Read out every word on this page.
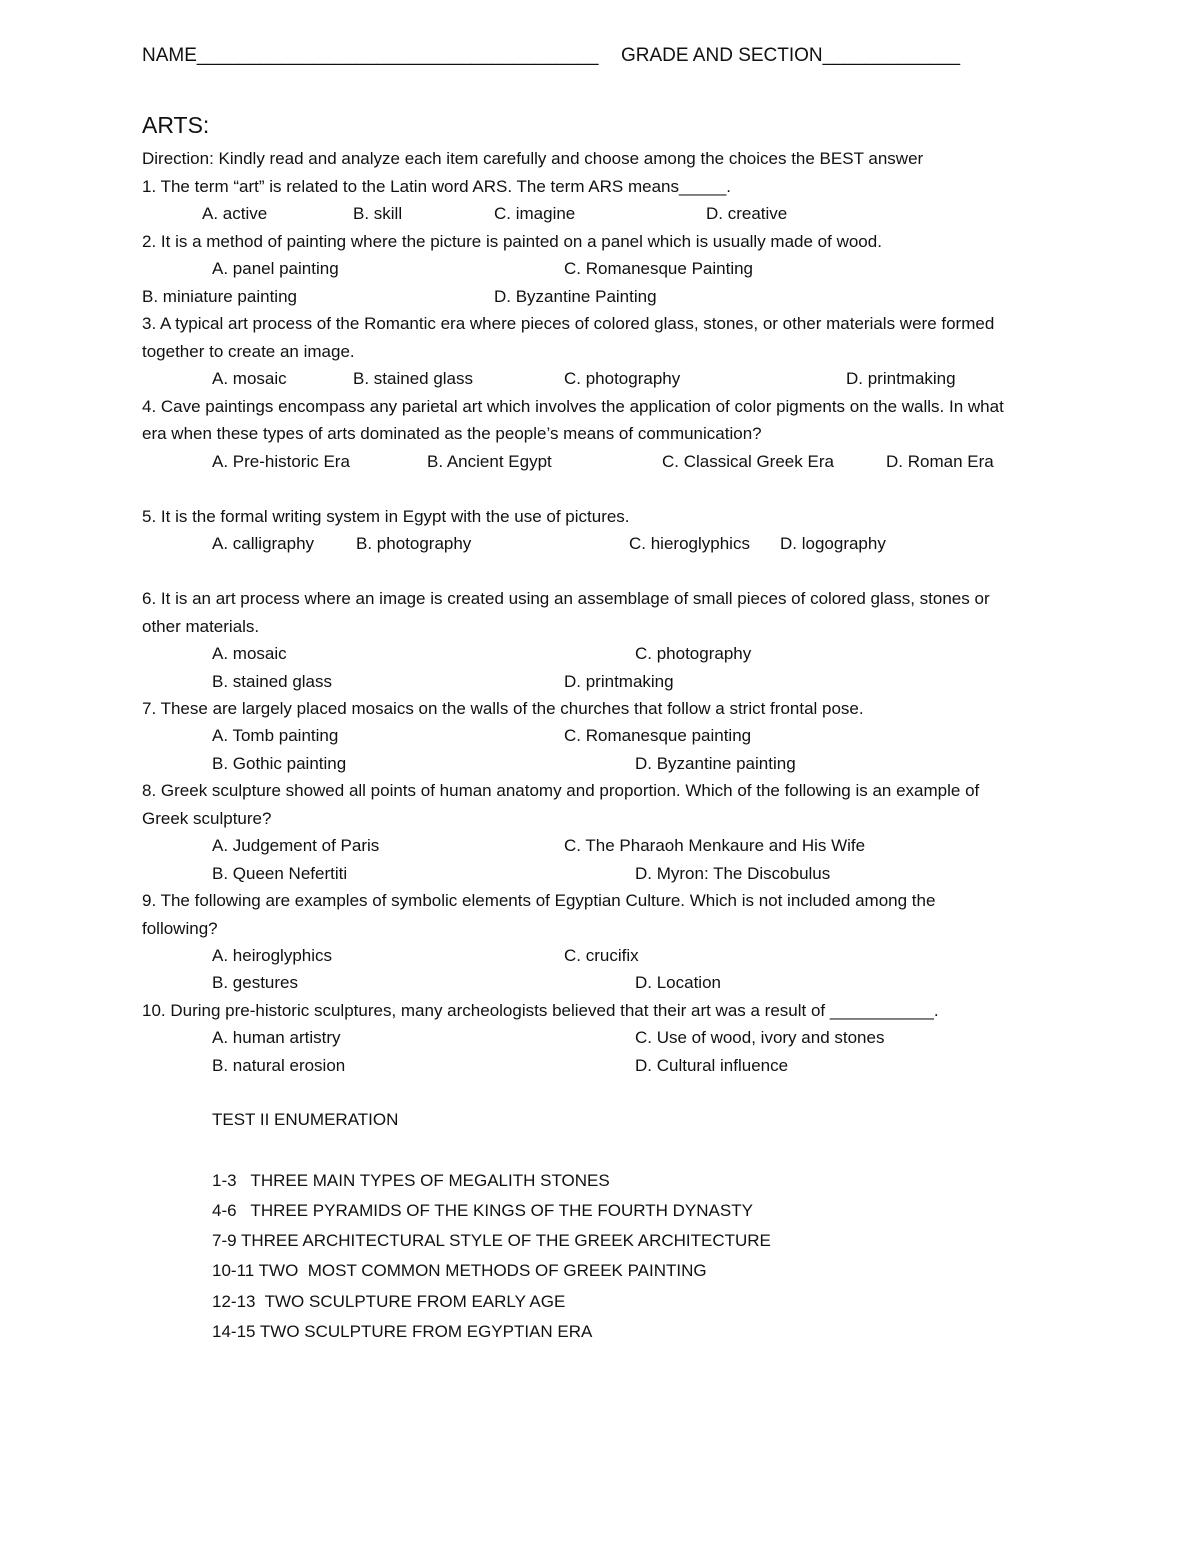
NAME______________________________________ GRADE AND SECTION_____________
ARTS:
Direction: Kindly read and analyze each item carefully and choose among the choices the BEST answer
1. The term “art” is related to the Latin word ARS. The term ARS means_____.
A. active	B. skill	C. imagine	D. creative
2. It is a method of painting where the picture is painted on a panel which is usually made of wood.
A. panel painting	C. Romanesque Painting
B. miniature painting	D. Byzantine Painting
3. A typical art process of the Romantic era where pieces of colored glass, stones, or other materials were formed
together to create an image.
A. mosaic	B. stained glass	C. photography	D. printmaking
4. Cave paintings encompass any parietal art which involves the application of color pigments on the walls. In what
era when these types of arts dominated as the people’s means of communication?
A. Pre-historic Era	B. Ancient Egypt	C. Classical Greek Era	D. Roman Era
5. It is the formal writing system in Egypt with the use of pictures.
A. calligraphy B. photography	C. hieroglyphics D. logography
6. It is an art process where an image is created using an assemblage of small pieces of colored glass, stones or
other materials.
A. mosaic	C. photography
B. stained glass	D. printmaking
7. These are largely placed mosaics on the walls of the churches that follow a strict frontal pose.
A. Tomb painting	C. Romanesque painting
B. Gothic painting	D. Byzantine painting
8. Greek sculpture showed all points of human anatomy and proportion. Which of the following is an example of
Greek sculpture?
A. Judgement of Paris	C. The Pharaoh Menkaure and His Wife
B. Queen Nefertiti	D. Myron: The Discobulus
9. The following are examples of symbolic elements of Egyptian Culture. Which is not included among the
following?
A. heiroglyphics	C. crucifix
B. gestures	D. Location
10. During pre-historic sculptures, many archeologists believed that their art was a result of ___________.
A. human artistry	C. Use of wood, ivory and stones
B. natural erosion	D. Cultural influence
TEST II ENUMERATION
1-3   THREE MAIN TYPES OF MEGALITH STONES
4-6   THREE PYRAMIDS OF THE KINGS OF THE FOURTH DYNASTY
7-9 THREE ARCHITECTURAL STYLE OF THE GREEK ARCHITECTURE
10-11 TWO  MOST COMMON METHODS OF GREEK PAINTING
12-13  TWO SCULPTURE FROM EARLY AGE
14-15 TWO SCULPTURE FROM EGYPTIAN ERA
